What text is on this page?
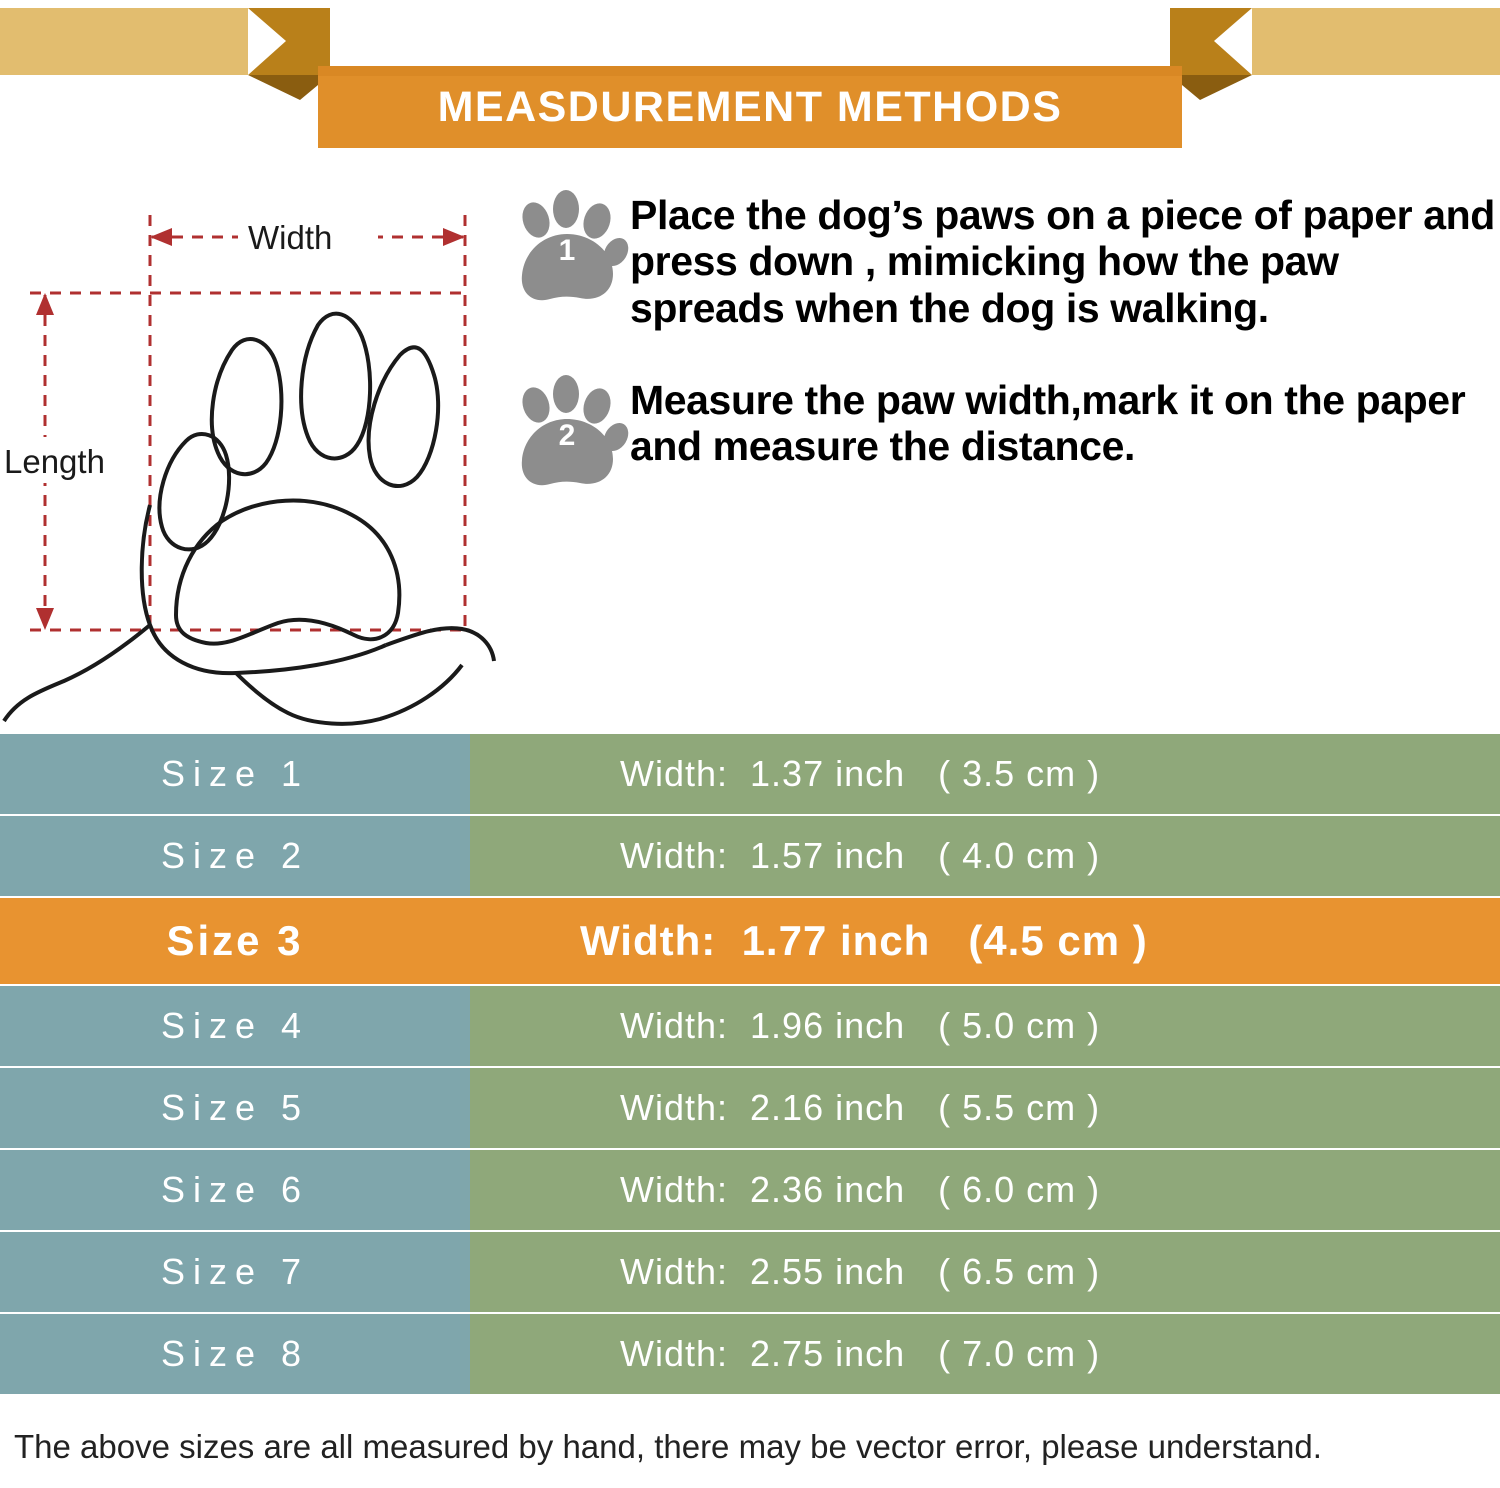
MEASDUREMENT METHODS
Width
Length
1
Place the dog’s paws on a piece of paper and press down , mimicking how the paw spreads when the dog is walking.
2
Measure the paw width,mark it on the paper and measure the distance.
Size 1	Width:  1.37 inch   ( 3.5 cm )
Size 2	Width:  1.57 inch   ( 4.0 cm )
Size 3	Width:  1.77 inch   (4.5 cm )
Size 4	Width:  1.96 inch   ( 5.0 cm )
Size 5	Width:  2.16 inch   ( 5.5 cm )
Size 6	Width:  2.36 inch   ( 6.0 cm )
Size 7	Width:  2.55 inch   ( 6.5 cm )
Size 8	Width:  2.75 inch   ( 7.0 cm )
The above sizes are all measured by hand, there may be vector error, please understand.
